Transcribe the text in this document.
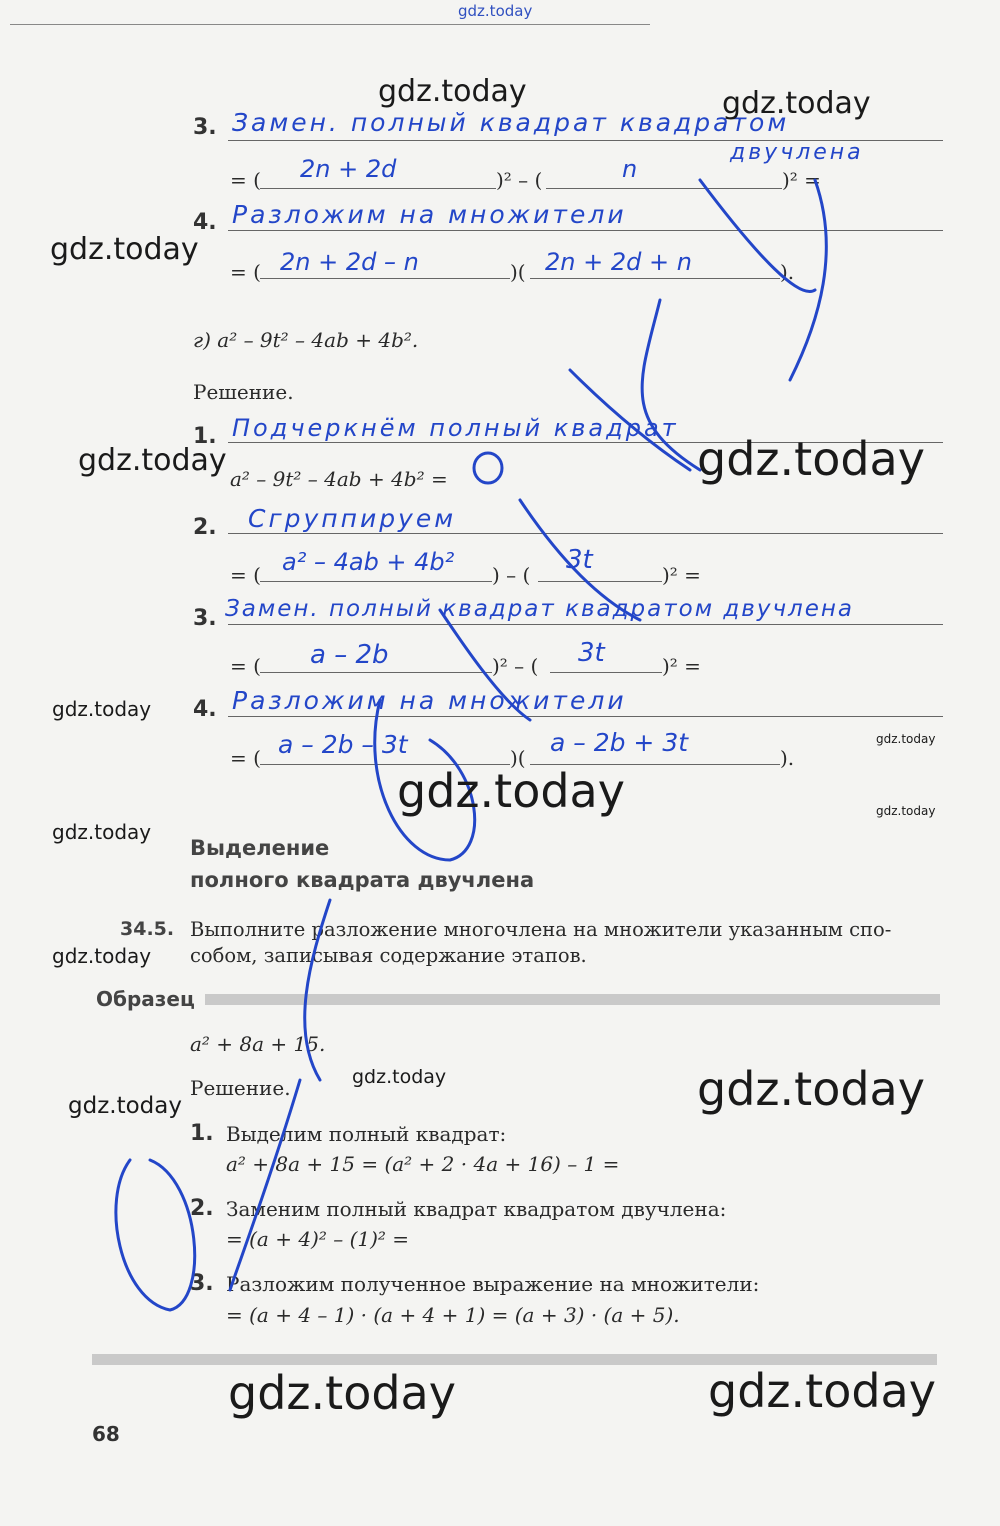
gdz.today
3. Замен. полный квадрат квадратом
двучлена
= ( 2n + 2d	)² – (	n	)² =
4. Разложим на множители
= ( 2n + 2d – n	)( 2n + 2d + n	).
г) a² – 9t² – 4ab + 4b².
Решение.
1. Подчеркнём полный квадрат
a² – 9t² – 4ab + 4b² =
2. Сгруппируем
= ( a² – 4ab + 4b² ) – ( 3t	)² =
3. Замен. полный квадрат квадратом двучлена
= ( a – 2b	)² – ( 3t	)² =
4. Разложим на множители
= ( a – 2b – 3t	)(
a – 2b + 3t
).
Выделение
полного квадрата двучлена
34.5. Выполните разложение многочлена на множители указанным спо-
собом, записывая содержание этапов.
Образец
a² + 8a + 15.
Решение.
1. Выделим полный квадрат:
a² + 8a + 15 = (a² + 2 · 4a + 16) – 1 =
2. Заменим полный квадрат квадратом двучлена:
= (a + 4)² – (1)² =
3. Разложим полученное выражение на множители:
= (a + 4 – 1) · (a + 4 + 1) = (a + 3) · (a + 5).
68
gdz.today	gdz.today
gdz.today
gdz.today	gdz.today
gdz.today
gdz.today
gdz.today	gdz.today
gdz.today
gdz.today
gdz.today
gdz.today
gdz.today
gdz.today	gdz.today
